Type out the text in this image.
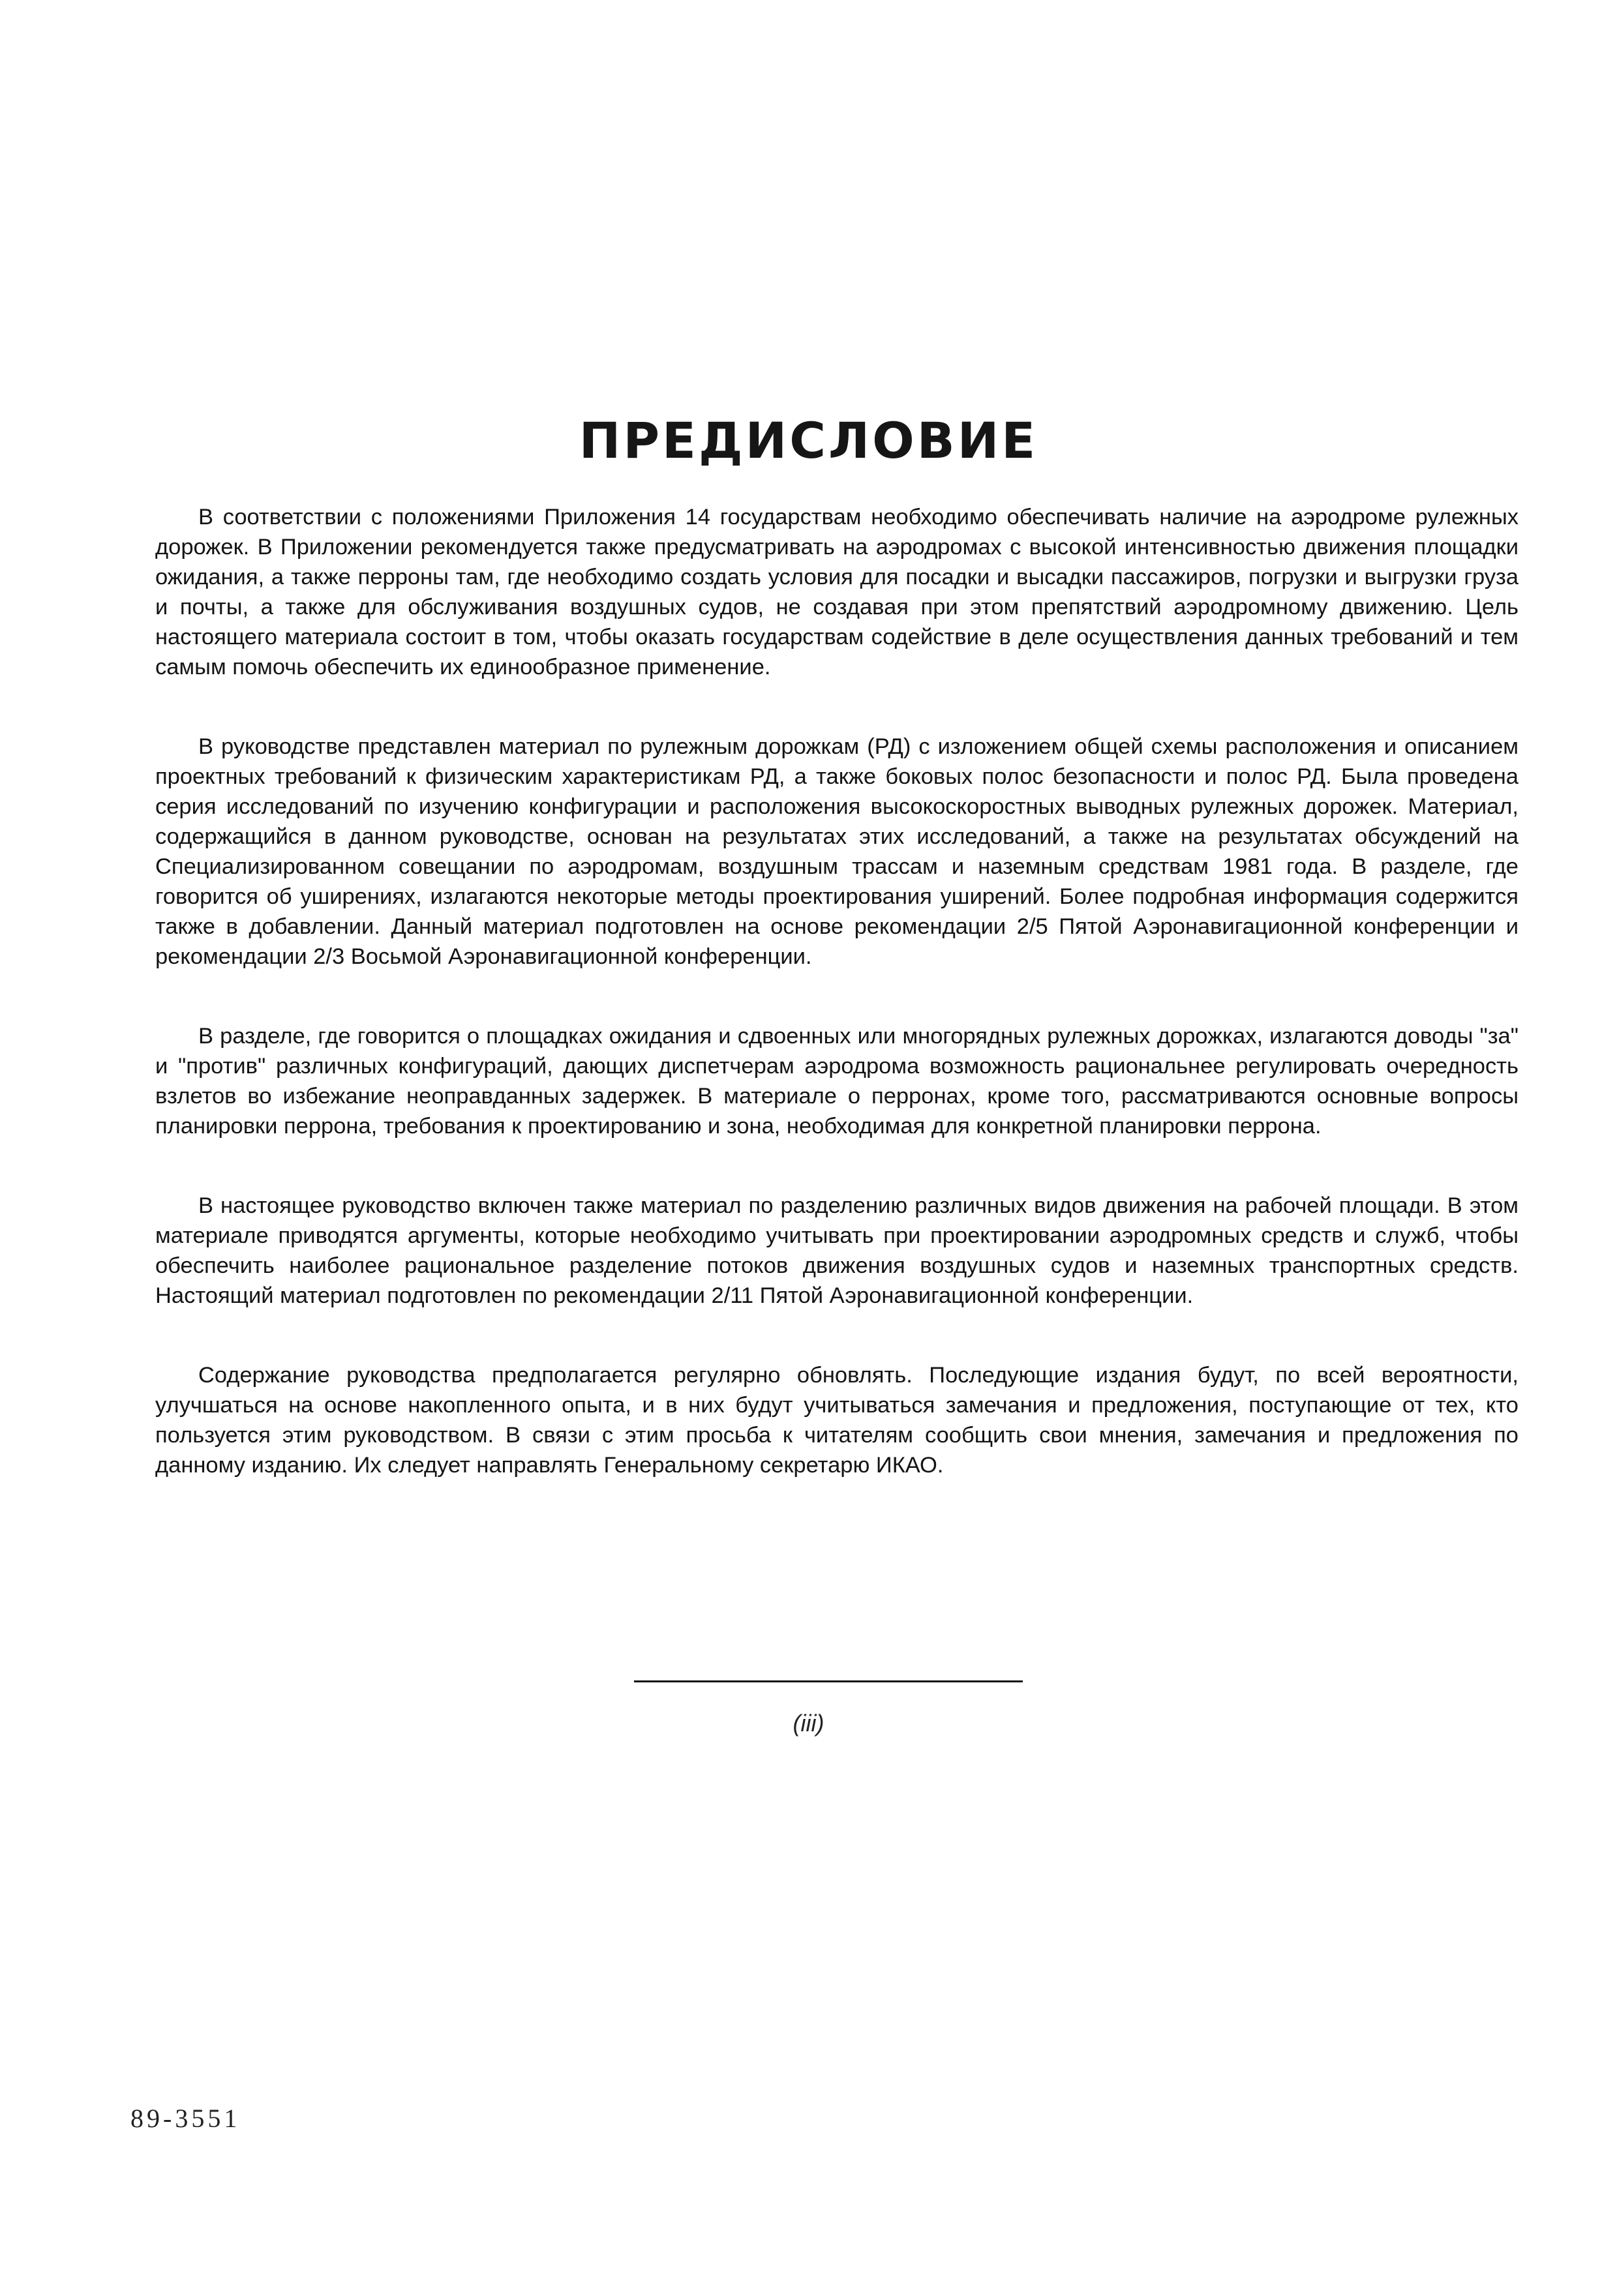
ПРЕДИСЛОВИЕ

В соответствии с положениями Приложения 14 государствам необходимо обеспечивать наличие на аэродроме рулежных дорожек. В Приложении рекомендуется также предусматривать на аэродромах с высокой интенсивностью движения площадки ожидания, а также перроны там, где необходимо создать условия для посадки и высадки пассажиров, погрузки и выгрузки груза и почты, а также для обслуживания воздушных судов, не создавая при этом препятствий аэродромному движению. Цель настоящего материала состоит в том, чтобы оказать государствам содействие в деле осуществления данных требований и тем самым помочь обеспечить их единообразное применение.

В руководстве представлен материал по рулежным дорожкам (РД) с изложением общей схемы расположения и описанием проектных требований к физическим характеристикам РД, а также боковых полос безопасности и полос РД. Была проведена серия исследований по изучению конфигурации и расположения высокоскоростных выводных рулежных дорожек. Материал, содержащийся в данном руководстве, основан на результатах этих исследований, а также на результатах обсуждений на Специализированном совещании по аэродромам, воздушным трассам и наземным средствам 1981 года. В разделе, где говорится об уширениях, излагаются некоторые методы проектирования уширений. Более подробная информация содержится также в добавлении. Данный материал подготовлен на основе рекомендации 2/5 Пятой Аэронавигационной конференции и рекомендации 2/3 Восьмой Аэронавигационной конференции.

В разделе, где говорится о площадках ожидания и сдвоенных или многорядных рулежных дорожках, излагаются доводы "за" и "против" различных конфигураций, дающих диспетчерам аэродрома возможность рациональнее регулировать очередность взлетов во избежание неоправданных задержек. В материале о перронах, кроме того, рассматриваются основные вопросы планировки перрона, требования к проектированию и зона, необходимая для конкретной планировки перрона.

В настоящее руководство включен также материал по разделению различных видов движения на рабочей площади. В этом материале приводятся аргументы, которые необходимо учитывать при проектировании аэродромных средств и служб, чтобы обеспечить наиболее рациональное разделение потоков движения воздушных судов и наземных транспортных средств. Настоящий материал подготовлен по рекомендации 2/11 Пятой Аэронавигационной конференции.

Содержание руководства предполагается регулярно обновлять. Последующие издания будут, по всей вероятности, улучшаться на основе накопленного опыта, и в них будут учитываться замечания и предложения, поступающие от тех, кто пользуется этим руководством. В связи с этим просьба к читателям сообщить свои мнения, замечания и предложения по данному изданию. Их следует направлять Генеральному секретарю ИКАО.

(iii)
89-3551
